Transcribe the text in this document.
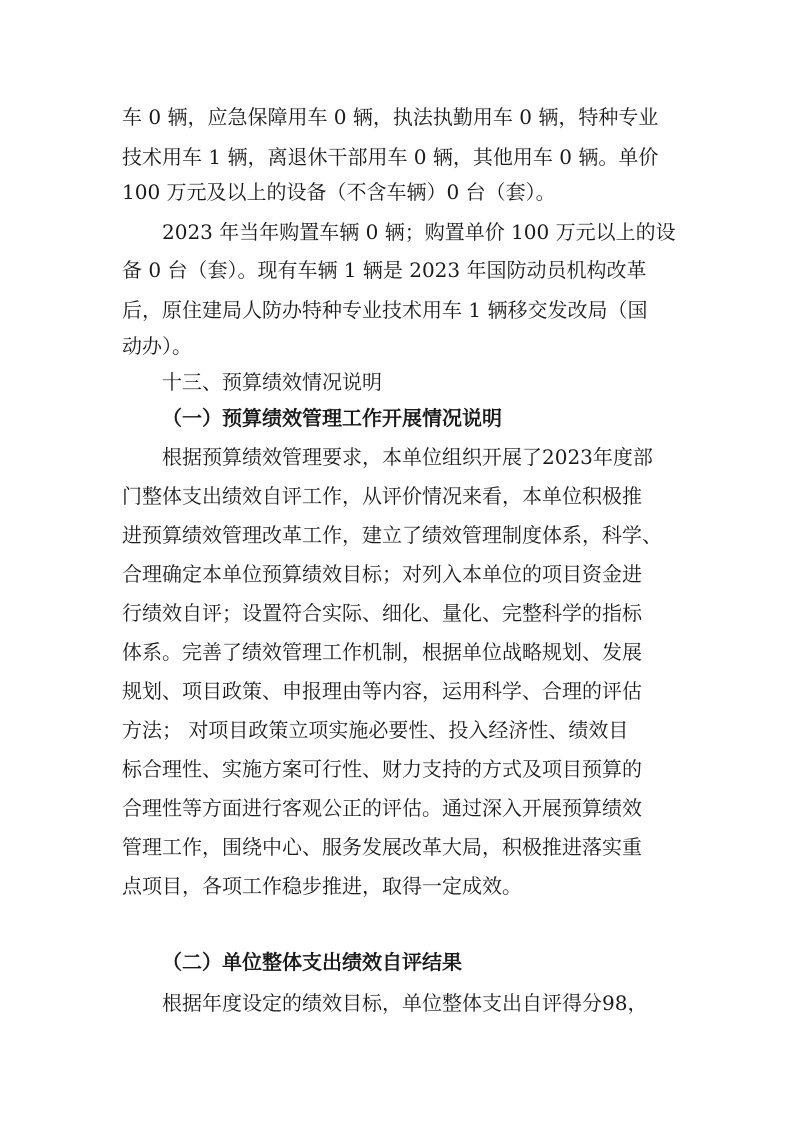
车 0 辆，应急保障用车 0 辆，执法执勤用车 0 辆，特种专业
技术用车 1 辆，离退休干部用车 0 辆，其他用车 0 辆。单价
100 万元及以上的设备（不含车辆）0 台（套）。
2023 年当年购置车辆 0 辆；购置单价 100 万元以上的设
备 0 台（套）。现有车辆 1 辆是 2023 年国防动员机构改革
后，原住建局人防办特种专业技术用车 1 辆移交发改局（国
动办）。
十三、预算绩效情况说明
（一）预算绩效管理工作开展情况说明
根据预算绩效管理要求，本单位组织开展了2023年度部
门整体支出绩效自评工作，从评价情况来看，本单位积极推
进预算绩效管理改革工作，建立了绩效管理制度体系，科学、
合理确定本单位预算绩效目标；对列入本单位的项目资金进
行绩效自评；设置符合实际、细化、量化、完整科学的指标
体系。完善了绩效管理工作机制，根据单位战略规划、发展
规划、项目政策、申报理由等内容，运用科学、合理的评估
方法； 对项目政策立项实施必要性、投入经济性、绩效目
标合理性、实施方案可行性、财力支持的方式及项目预算的
合理性等方面进行客观公正的评估。通过深入开展预算绩效
管理工作，围绕中心、服务发展改革大局，积极推进落实重
点项目，各项工作稳步推进，取得一定成效。
（二）单位整体支出绩效自评结果
根据年度设定的绩效目标，单位整体支出自评得分98，
